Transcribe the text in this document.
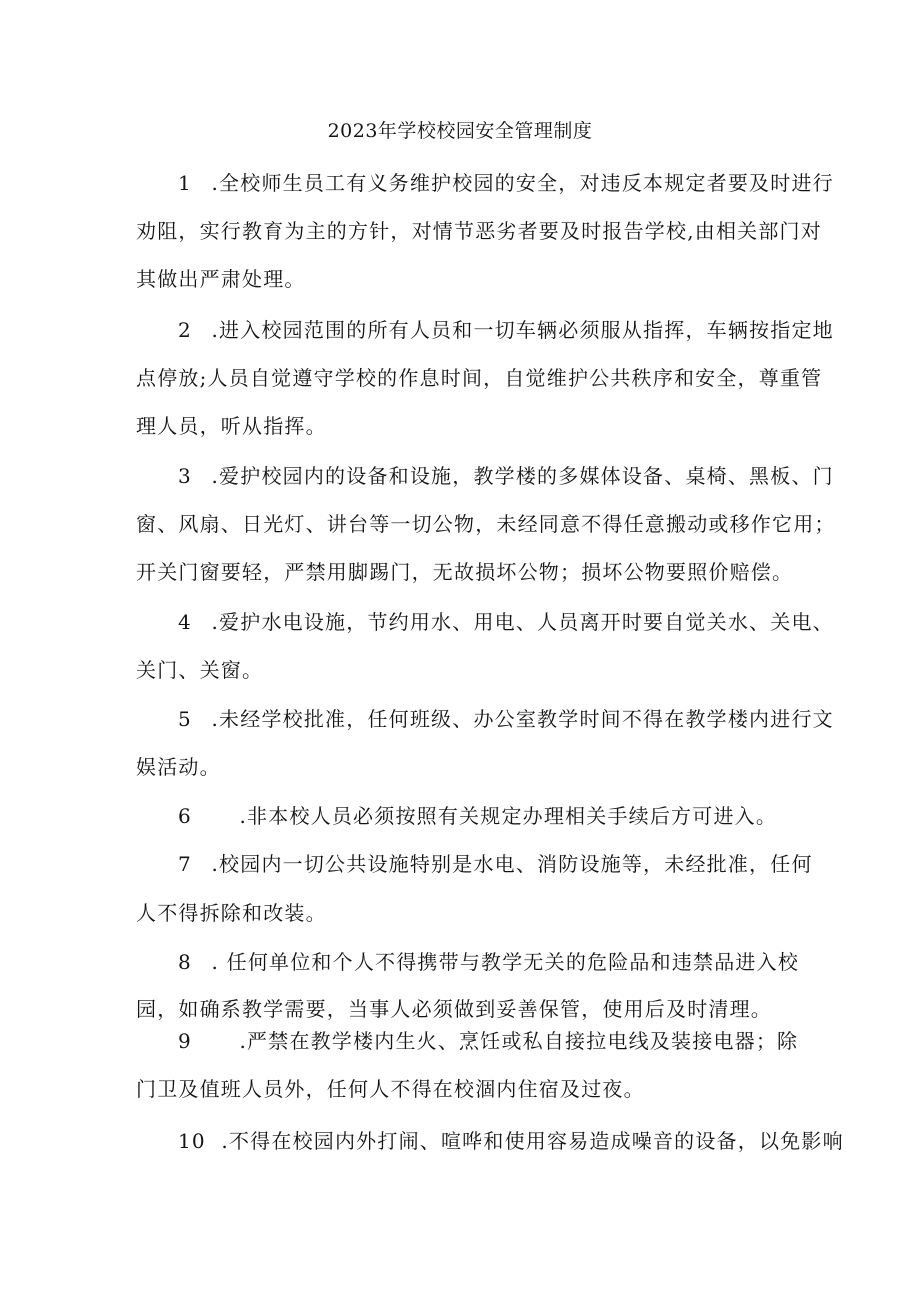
2023年学校校园安全管理制度
1 .全校师生员工有义务维护校园的安全，对违反本规定者要及时进行
劝阻，实行教育为主的方针，对情节恶劣者要及时报告学校,由相关部门对
其做出严肃处理。
2 .进入校园范围的所有人员和一切车辆必须服从指挥，车辆按指定地
点停放;人员自觉遵守学校的作息时间，自觉维护公共秩序和安全，尊重管
理人员，听从指挥。
3 .爱护校园内的设备和设施，教学楼的多媒体设备、桌椅、黑板、门
窗、风扇、日光灯、讲台等一切公物，未经同意不得任意搬动或移作它用；
开关门窗要轻，严禁用脚踢门，无故损坏公物；损坏公物要照价赔偿。
4 .爱护水电设施，节约用水、用电、人员离开时要自觉关水、关电、
关门、关窗。
5 .未经学校批准，任何班级、办公室教学时间不得在教学楼内进行文
娱活动。
6 .非本校人员必须按照有关规定办理相关手续后方可进入。
7 .校园内一切公共设施特别是水电、消防设施等，未经批准，任何
人不得拆除和改装。
8 . 任何单位和个人不得携带与教学无关的危险品和违禁品进入校
园，如确系教学需要，当事人必须做到妥善保管，使用后及时清理。
9 .严禁在教学楼内生火、烹饪或私自接拉电线及装接电器；除
门卫及值班人员外，任何人不得在校涸内住宿及过夜。
10 .不得在校园内外打闹、喧哗和使用容易造成噪音的设备，以免影响
